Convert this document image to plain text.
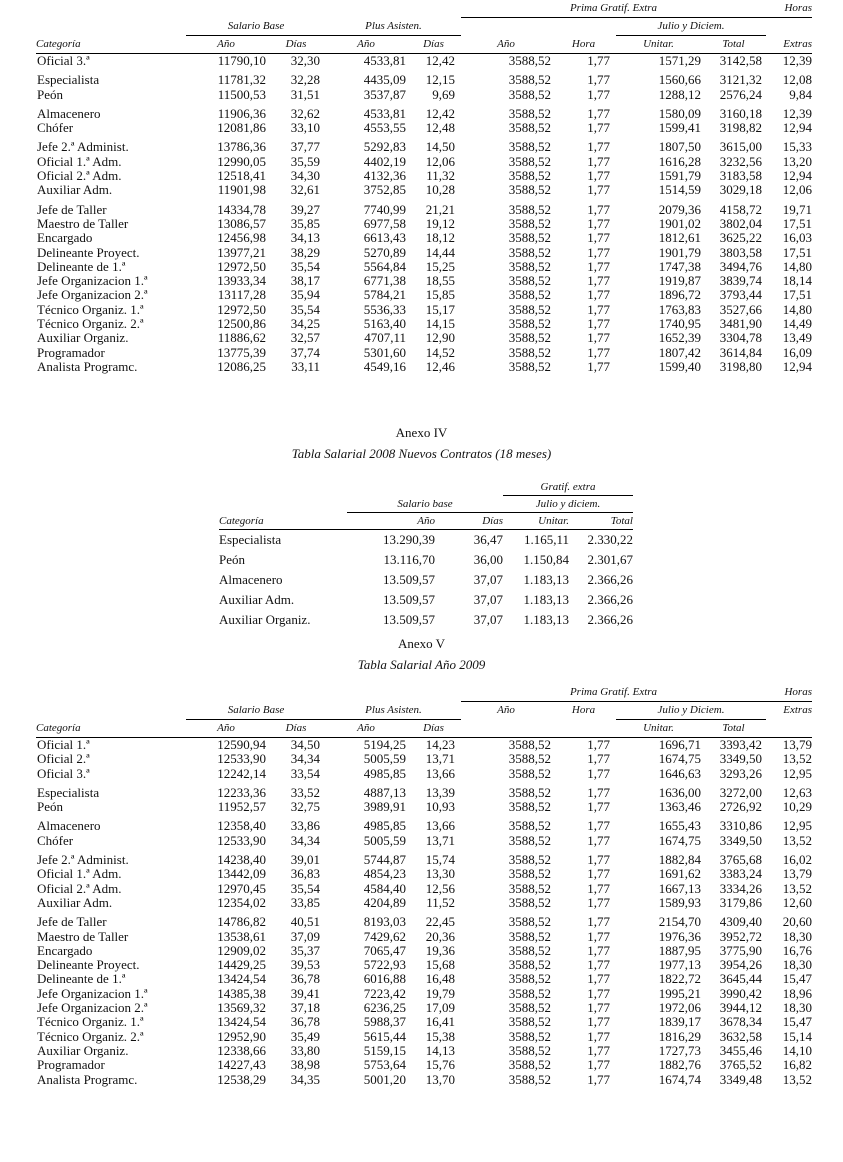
					Prima Gratif. Extra				Horas
	Salario Base		Plus Asisten.				Julio y Diciem.		
Categoría	Año	Días	Año	Días	Año	Hora	Unitar.	Total	Extras
Oficial 3.ª	11790,10	32,30	4533,81	12,42	3588,52	1,77	1571,29	3142,58	12,39

Especialista	11781,32	32,28	4435,09	12,15	3588,52	1,77	1560,66	3121,32	12,08
Peón	11500,53	31,51	3537,87	9,69	3588,52	1,77	1288,12	2576,24	9,84

Almacenero	11906,36	32,62	4533,81	12,42	3588,52	1,77	1580,09	3160,18	12,39
Chófer	12081,86	33,10	4553,55	12,48	3588,52	1,77	1599,41	3198,82	12,94

Jefe 2.ª Administ.	13786,36	37,77	5292,83	14,50	3588,52	1,77	1807,50	3615,00	15,33
Oficial 1.ª Adm.	12990,05	35,59	4402,19	12,06	3588,52	1,77	1616,28	3232,56	13,20
Oficial 2.ª Adm.	12518,41	34,30	4132,36	11,32	3588,52	1,77	1591,79	3183,58	12,94
Auxiliar Adm.	11901,98	32,61	3752,85	10,28	3588,52	1,77	1514,59	3029,18	12,06

Jefe de Taller	14334,78	39,27	7740,99	21,21	3588,52	1,77	2079,36	4158,72	19,71
Maestro de Taller	13086,57	35,85	6977,58	19,12	3588,52	1,77	1901,02	3802,04	17,51
Encargado	12456,98	34,13	6613,43	18,12	3588,52	1,77	1812,61	3625,22	16,03
Delineante Proyect.	13977,21	38,29	5270,89	14,44	3588,52	1,77	1901,79	3803,58	17,51
Delineante de 1.ª	12972,50	35,54	5564,84	15,25	3588,52	1,77	1747,38	3494,76	14,80
Jefe Organizacion 1.ª	13933,34	38,17	6771,38	18,55	3588,52	1,77	1919,87	3839,74	18,14
Jefe Organizacion 2.ª	13117,28	35,94	5784,21	15,85	3588,52	1,77	1896,72	3793,44	17,51
Técnico Organiz. 1.ª	12972,50	35,54	5536,33	15,17	3588,52	1,77	1763,83	3527,66	14,80
Técnico Organiz. 2.ª	12500,86	34,25	5163,40	14,15	3588,52	1,77	1740,95	3481,90	14,49
Auxiliar Organiz.	11886,62	32,57	4707,11	12,90	3588,52	1,77	1652,39	3304,78	13,49
Programador	13775,39	37,74	5301,60	14,52	3588,52	1,77	1807,42	3614,84	16,09
Analista Programc.	12086,25	33,11	4549,16	12,46	3588,52	1,77	1599,40	3198,80	12,94
Anexo IV
Tabla Salarial 2008 Nuevos Contratos (18 meses)
			Gratif. extra	
	Salario base		Julio y diciem.	
Categoría	Año	Días	Unitar.	Total
Especialista	13.290,39	36,47	1.165,11	2.330,22
Peón	13.116,70	36,00	1.150,84	2.301,67
Almacenero	13.509,57	37,07	1.183,13	2.366,26
Auxiliar Adm.	13.509,57	37,07	1.183,13	2.366,26
Auxiliar Organiz.	13.509,57	37,07	1.183,13	2.366,26
Anexo V
Tabla Salarial Año 2009
					Prima Gratif. Extra				Horas
	Salario Base		Plus Asisten.		Año	Hora	Julio y Diciem.		Extras
Categoría	Año	Días	Año	Días			Unitar.	Total	
Oficial 1.ª	12590,94	34,50	5194,25	14,23	3588,52	1,77	1696,71	3393,42	13,79
Oficial 2.ª	12533,90	34,34	5005,59	13,71	3588,52	1,77	1674,75	3349,50	13,52
Oficial 3.ª	12242,14	33,54	4985,85	13,66	3588,52	1,77	1646,63	3293,26	12,95

Especialista	12233,36	33,52	4887,13	13,39	3588,52	1,77	1636,00	3272,00	12,63
Peón	11952,57	32,75	3989,91	10,93	3588,52	1,77	1363,46	2726,92	10,29

Almacenero	12358,40	33,86	4985,85	13,66	3588,52	1,77	1655,43	3310,86	12,95
Chófer	12533,90	34,34	5005,59	13,71	3588,52	1,77	1674,75	3349,50	13,52

Jefe 2.ª Administ.	14238,40	39,01	5744,87	15,74	3588,52	1,77	1882,84	3765,68	16,02
Oficial 1.ª Adm.	13442,09	36,83	4854,23	13,30	3588,52	1,77	1691,62	3383,24	13,79
Oficial 2.ª Adm.	12970,45	35,54	4584,40	12,56	3588,52	1,77	1667,13	3334,26	13,52
Auxiliar Adm.	12354,02	33,85	4204,89	11,52	3588,52	1,77	1589,93	3179,86	12,60

Jefe de Taller	14786,82	40,51	8193,03	22,45	3588,52	1,77	2154,70	4309,40	20,60
Maestro de Taller	13538,61	37,09	7429,62	20,36	3588,52	1,77	1976,36	3952,72	18,30
Encargado	12909,02	35,37	7065,47	19,36	3588,52	1,77	1887,95	3775,90	16,76
Delineante Proyect.	14429,25	39,53	5722,93	15,68	3588,52	1,77	1977,13	3954,26	18,30
Delineante de 1.ª	13424,54	36,78	6016,88	16,48	3588,52	1,77	1822,72	3645,44	15,47
Jefe Organizacion 1.ª	14385,38	39,41	7223,42	19,79	3588,52	1,77	1995,21	3990,42	18,96
Jefe Organizacion 2.ª	13569,32	37,18	6236,25	17,09	3588,52	1,77	1972,06	3944,12	18,30
Técnico Organiz. 1.ª	13424,54	36,78	5988,37	16,41	3588,52	1,77	1839,17	3678,34	15,47
Técnico Organiz. 2.ª	12952,90	35,49	5615,44	15,38	3588,52	1,77	1816,29	3632,58	15,14
Auxiliar Organiz.	12338,66	33,80	5159,15	14,13	3588,52	1,77	1727,73	3455,46	14,10
Programador	14227,43	38,98	5753,64	15,76	3588,52	1,77	1882,76	3765,52	16,82
Analista Programc.	12538,29	34,35	5001,20	13,70	3588,52	1,77	1674,74	3349,48	13,52
